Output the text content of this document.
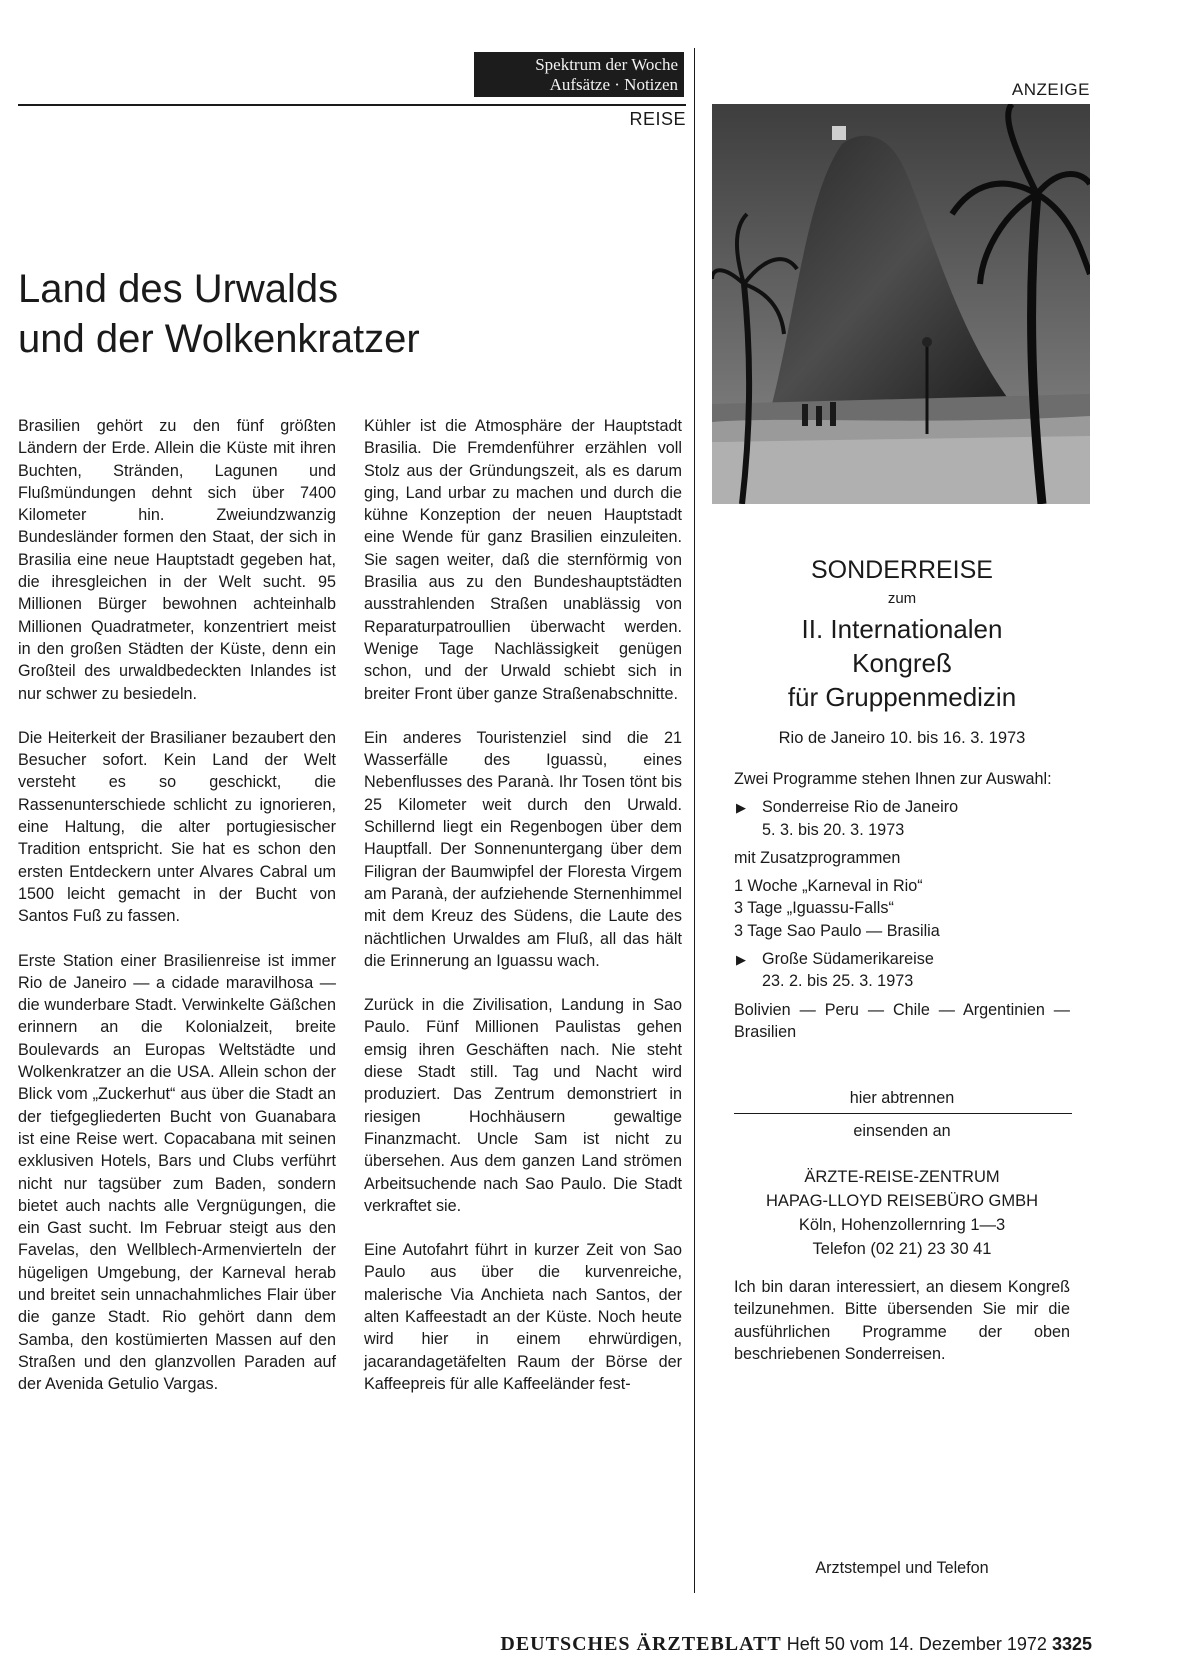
Spektrum der Woche
Aufsätze · Notizen
REISE
ANZEIGE
Land des Urwalds
und der Wolkenkratzer

Brasilien gehört zu den fünf größten Ländern der Erde. Allein die Küste mit ihren Buchten, Stränden, Lagunen und Flußmündungen dehnt sich über 7400 Kilometer hin. Zweiundzwanzig Bundesländer formen den Staat, der sich in Brasilia eine neue Hauptstadt gegeben hat, die ihresgleichen in der Welt sucht. 95 Millionen Bürger bewohnen achteinhalb Millionen Quadratmeter, konzentriert meist in den großen Städten der Küste, denn ein Großteil des urwaldbedeckten Inlandes ist nur schwer zu besiedeln.

Die Heiterkeit der Brasilianer bezaubert den Besucher sofort. Kein Land der Welt versteht es so geschickt, die Rassenunterschiede schlicht zu ignorieren, eine Haltung, die alter portugiesischer Tradition entspricht. Sie hat es schon den ersten Entdeckern unter Alvares Cabral um 1500 leicht gemacht in der Bucht von Santos Fuß zu fassen.

Erste Station einer Brasilienreise ist immer Rio de Janeiro — a cidade maravilhosa — die wunderbare Stadt. Verwinkelte Gäßchen erinnern an die Kolonialzeit, breite Boulevards an Europas Weltstädte und Wolkenkratzer an die USA. Allein schon der Blick vom „Zuckerhut“ aus über die Stadt an der tiefgegliederten Bucht von Guanabara ist eine Reise wert. Copacabana mit seinen exklusiven Hotels, Bars und Clubs verführt nicht nur tagsüber zum Baden, sondern bietet auch nachts alle Vergnügungen, die ein Gast sucht. Im Februar steigt aus den Favelas, den Wellblech-Armenvierteln der hügeligen Umgebung, der Karneval herab und breitet sein unnachahmliches Flair über die ganze Stadt. Rio gehört dann dem Samba, den kostümierten Massen auf den Straßen und den glanzvollen Paraden auf der Avenida Getulio Vargas.

Kühler ist die Atmosphäre der Hauptstadt Brasilia. Die Fremdenführer erzählen voll Stolz aus der Gründungszeit, als es darum ging, Land urbar zu machen und durch die kühne Konzeption der neuen Hauptstadt eine Wende für ganz Brasilien einzuleiten. Sie sagen weiter, daß die sternförmig von Brasilia aus zu den Bundeshauptstädten ausstrahlenden Straßen unablässig von Reparaturpatroullien überwacht werden. Wenige Tage Nachlässigkeit genügen schon, und der Urwald schiebt sich in breiter Front über ganze Straßenabschnitte.

Ein anderes Touristenziel sind die 21 Wasserfälle des Iguassù, eines Nebenflusses des Paranà. Ihr Tosen tönt bis 25 Kilometer weit durch den Urwald. Schillernd liegt ein Regenbogen über dem Hauptfall. Der Sonnenuntergang über dem Filigran der Baumwipfel der Floresta Virgem am Paranà, der aufziehende Sternenhimmel mit dem Kreuz des Südens, die Laute des nächtlichen Urwaldes am Fluß, all das hält die Erinnerung an Iguassu wach.

Zurück in die Zivilisation, Landung in Sao Paulo. Fünf Millionen Paulistas gehen emsig ihren Geschäften nach. Nie steht diese Stadt still. Tag und Nacht wird produziert. Das Zentrum demonstriert in riesigen Hochhäusern gewaltige Finanzmacht. Uncle Sam ist nicht zu übersehen. Aus dem ganzen Land strömen Arbeitsuchende nach Sao Paulo. Die Stadt verkraftet sie.

Eine Autofahrt führt in kurzer Zeit von Sao Paulo aus über die kurvenreiche, malerische Via Anchieta nach Santos, der alten Kaffeestadt an der Küste. Noch heute wird hier in einem ehrwürdigen, jacarandagetäfelten Raum der Börse der Kaffeepreis für alle Kaffeeländer fest-

SONDERREISE
zum
II. Internationalen
Kongreß
für Gruppenmedizin
Rio de Janeiro 10. bis 16. 3. 1973

Zwei Programme stehen Ihnen zur Auswahl:

▶ Sonderreise Rio de Janeiro
5. 3. bis 20. 3. 1973

mit Zusatzprogrammen

1 Woche „Karneval in Rio“

3 Tage „Iguassu-Falls“

3 Tage Sao Paulo — Brasilia

▶ Große Südamerikareise
23. 2. bis 25. 3. 1973

Bolivien — Peru — Chile — Argentinien — Brasilien

hier abtrennen
einsenden an
ÄRZTE-REISE-ZENTRUM
HAPAG-LLOYD REISEBÜRO GMBH
Köln, Hohenzollernring 1—3
Telefon (02 21) 23 30 41
Ich bin daran interessiert, an diesem Kongreß teilzunehmen. Bitte übersenden Sie mir die ausführlichen Programme der oben beschriebenen Sonderreisen.
Arztstempel und Telefon
DEUTSCHES ÄRZTEBLATT Heft 50 vom 14. Dezember 1972 3325
